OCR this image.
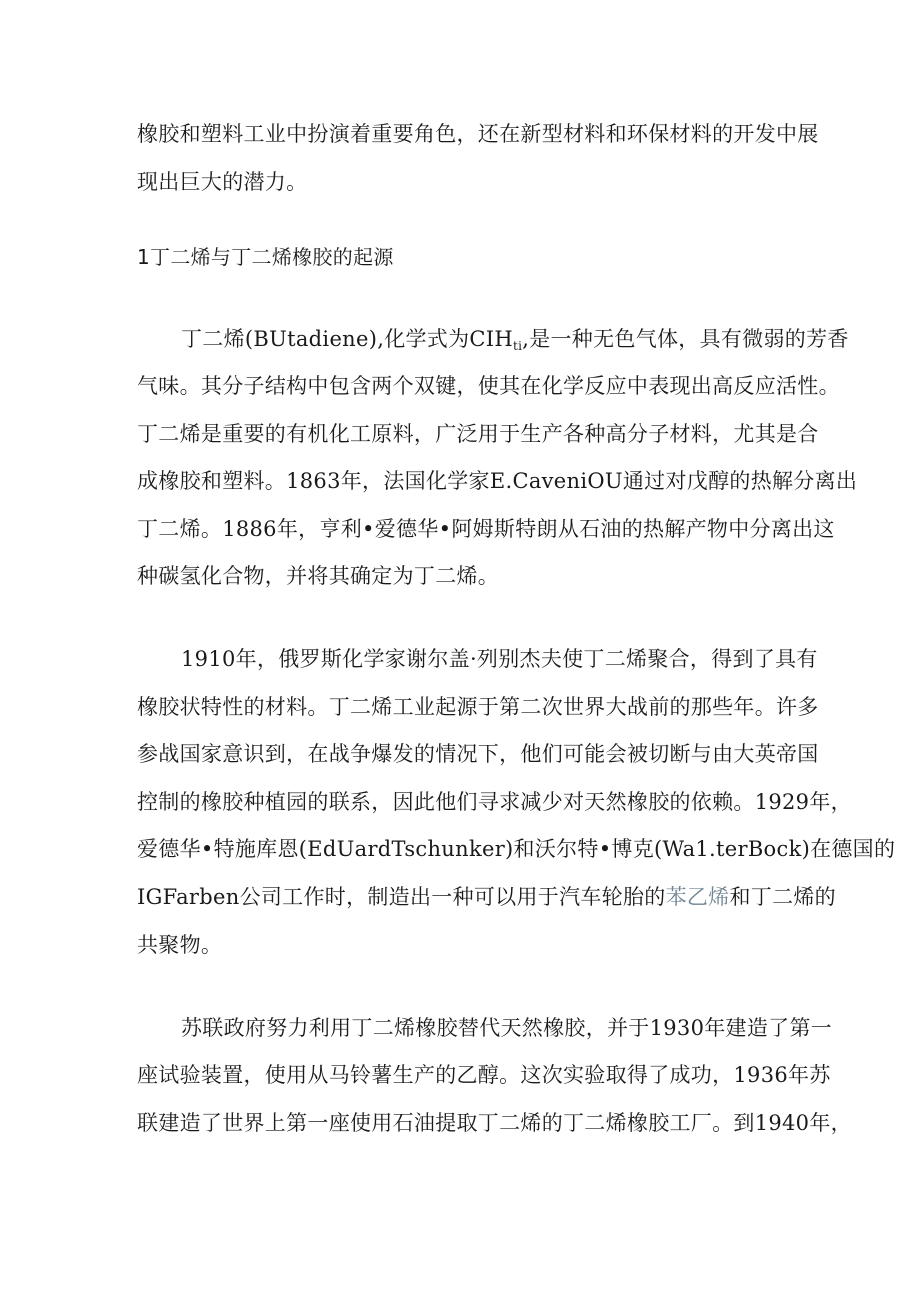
橡胶和塑料工业中扮演着重要角色，还在新型材料和环保材料的开发中展
现出巨大的潜力。
1丁二烯与丁二烯橡胶的起源
丁二烯(BUtadiene),化学式为$CIH_{ti}$,是一种无色气体，具有微弱的芳香
气味。其分子结构中包含两个双键，使其在化学反应中表现出高反应活性。
丁二烯是重要的有机化工原料，广泛用于生产各种高分子材料，尤其是合
成橡胶和塑料。1863年，法国化学家E.CaveniOU通过对戊醇的热解分离出
丁二烯。1886年，亨利•爱德华•阿姆斯特朗从石油的热解产物中分离出这
种碳氢化合物，并将其确定为丁二烯。
1910年，俄罗斯化学家谢尔盖·列别杰夫使丁二烯聚合，得到了具有
橡胶状特性的材料。丁二烯工业起源于第二次世界大战前的那些年。许多
参战国家意识到，在战争爆发的情况下，他们可能会被切断与由大英帝国
控制的橡胶种植园的联系，因此他们寻求减少对天然橡胶的依赖。1929年，
爱德华•特施库恩(EdUardTschunker)和沃尔特•博克(Wa1.terBock)在德国的
IGFarben公司工作时，制造出一种可以用于汽车轮胎的苯乙烯和丁二烯的
共聚物。
苏联政府努力利用丁二烯橡胶替代天然橡胶，并于1930年建造了第一
座试验装置，使用从马铃薯生产的乙醇。这次实验取得了成功，1936年苏
联建造了世界上第一座使用石油提取丁二烯的丁二烯橡胶工厂。到1940年，
